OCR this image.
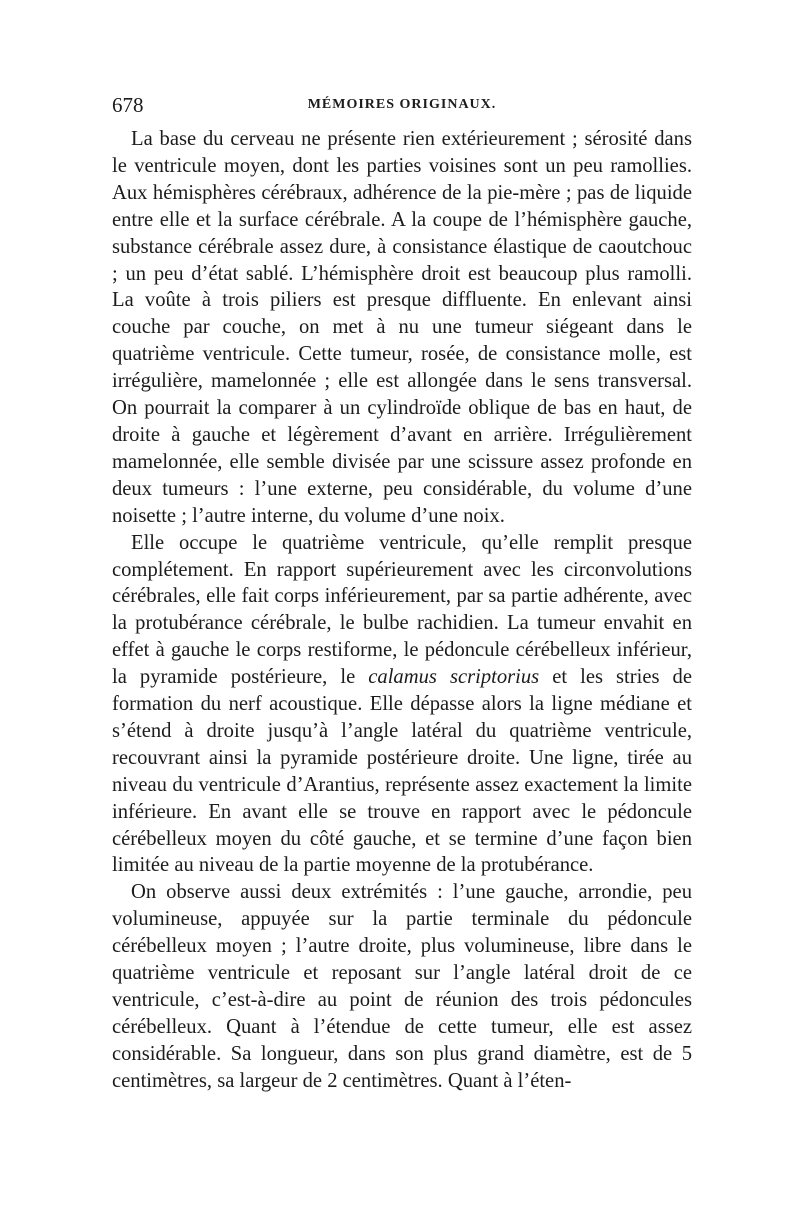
678	MÉMOIRES ORIGINAUX.

La base du cerveau ne présente rien extérieurement ; sérosité dans le ventricule moyen, dont les parties voisines sont un peu ramollies. Aux hémisphères cérébraux, adhérence de la pie-mère ; pas de liquide entre elle et la surface cérébrale. A la coupe de l’hémisphère gauche, substance cérébrale assez dure, à consistance élastique de caoutchouc ; un peu d’état sablé. L’hémisphère droit est beaucoup plus ramolli. La voûte à trois piliers est presque diffluente. En enlevant ainsi couche par couche, on met à nu une tumeur siégeant dans le quatrième ventricule. Cette tumeur, rosée, de consistance molle, est irrégulière, mamelonnée ; elle est allongée dans le sens transversal. On pourrait la comparer à un cylindroïde oblique de bas en haut, de droite à gauche et légèrement d’avant en arrière. Irrégulièrement mamelonnée, elle semble divisée par une scissure assez profonde en deux tumeurs : l’une externe, peu considérable, du volume d’une noisette ; l’autre interne, du volume d’une noix.

Elle occupe le quatrième ventricule, qu’elle remplit presque complétement. En rapport supérieurement avec les circonvolutions cérébrales, elle fait corps inférieurement, par sa partie adhérente, avec la protubérance cérébrale, le bulbe rachidien. La tumeur envahit en effet à gauche le corps restiforme, le pédoncule cérébelleux inférieur, la pyramide postérieure, le calamus scriptorius et les stries de formation du nerf acoustique. Elle dépasse alors la ligne médiane et s’étend à droite jusqu’à l’angle latéral du quatrième ventricule, recouvrant ainsi la pyramide postérieure droite. Une ligne, tirée au niveau du ventricule d’Arantius, représente assez exactement la limite inférieure. En avant elle se trouve en rapport avec le pédoncule cérébelleux moyen du côté gauche, et se termine d’une façon bien limitée au niveau de la partie moyenne de la protubérance.

On observe aussi deux extrémités : l’une gauche, arrondie, peu volumineuse, appuyée sur la partie terminale du pédoncule cérébelleux moyen ; l’autre droite, plus volumineuse, libre dans le quatrième ventricule et reposant sur l’angle latéral droit de ce ventricule, c’est-à-dire au point de réunion des trois pédoncules cérébelleux. Quant à l’étendue de cette tumeur, elle est assez considérable. Sa longueur, dans son plus grand diamètre, est de 5 centimètres, sa largeur de 2 centimètres. Quant à l’éten-
